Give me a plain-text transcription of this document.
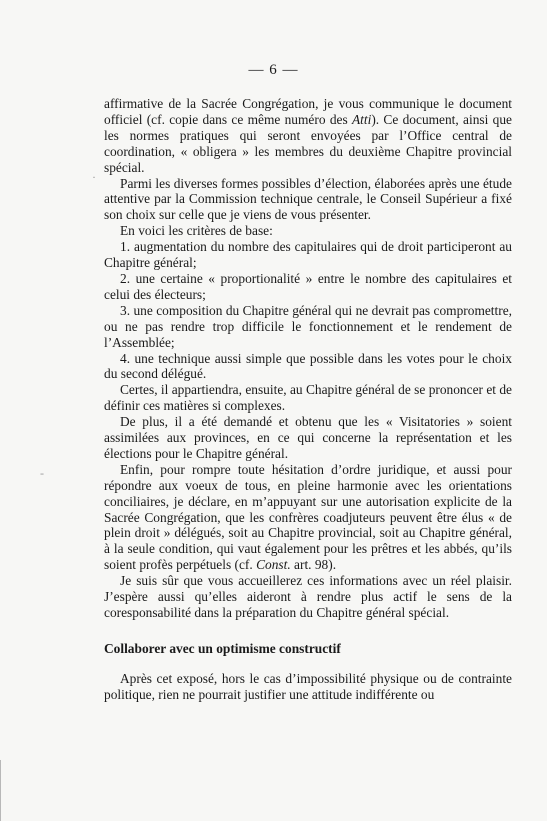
— 6 —

affirmative de la Sacrée Congrégation, je vous communique le document officiel (cf. copie dans ce même numéro des Atti). Ce document, ainsi que les normes pratiques qui seront envoyées par l’Office central de coordination, « obligera » les membres du deuxième Chapitre provincial spécial.

Parmi les diverses formes possibles d’élection, élaborées après une étude attentive par la Commission technique centrale, le Conseil Supérieur a fixé son choix sur celle que je viens de vous présenter.

En voici les critères de base:

1. augmentation du nombre des capitulaires qui de droit participeront au Chapitre général;

2. une certaine « proportionalité » entre le nombre des capitulaires et celui des électeurs;

3. une composition du Chapitre général qui ne devrait pas compromettre, ou ne pas rendre trop difficile le fonctionnement et le rendement de l’Assemblée;

4. une technique aussi simple que possible dans les votes pour le choix du second délégué.

Certes, il appartiendra, ensuite, au Chapitre général de se prononcer et de définir ces matières si complexes.

De plus, il a été demandé et obtenu que les « Visitatories » soient assimilées aux provinces, en ce qui concerne la représentation et les élections pour le Chapitre général.

Enfin, pour rompre toute hésitation d’ordre juridique, et aussi pour répondre aux voeux de tous, en pleine harmonie avec les orientations conciliaires, je déclare, en m’appuyant sur une autorisation explicite de la Sacrée Congrégation, que les confrères coadjuteurs peuvent être élus « de plein droit » délégués, soit au Chapitre provincial, soit au Chapitre général, à la seule condition, qui vaut également pour les prêtres et les abbés, qu’ils soient profès perpétuels (cf. Const. art. 98).

Je suis sûr que vous accueillerez ces informations avec un réel plaisir. J’espère aussi qu’elles aideront à rendre plus actif le sens de la coresponsabilité dans la préparation du Chapitre général spécial.

Collaborer avec un optimisme constructif

Après cet exposé, hors le cas d’impossibilité physique ou de contrainte politique, rien ne pourrait justifier une attitude indifférente ou

·
-
